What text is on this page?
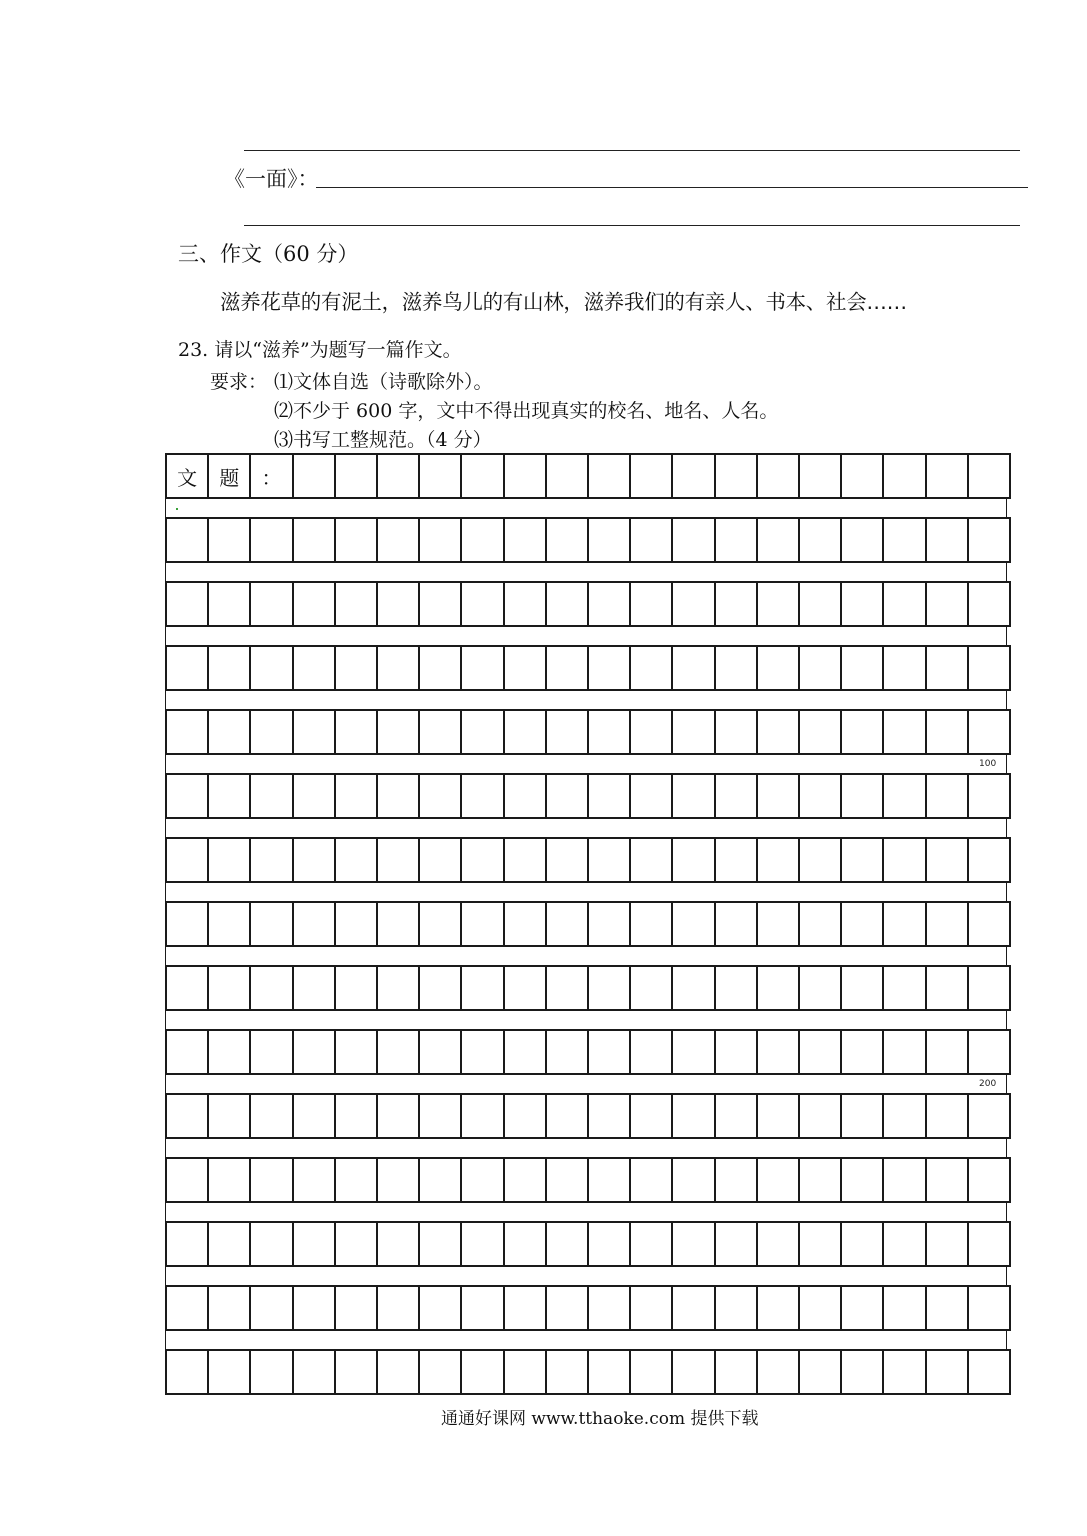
《一面》：
三、作文（60 分）
滋养花草的有泥土，滋养鸟儿的有山林，滋养我们的有亲人、书本、社会……
23. 请以“滋养”为题写一篇作文。
要求： ⑴文体自选（诗歌除外）。
⑵不少于 600 字，文中不得出现真实的校名、地名、人名。
⑶书写工整规范。（4 分）
文	题	：
100
200
通通好课网 www.tthaoke.com 提供下载
